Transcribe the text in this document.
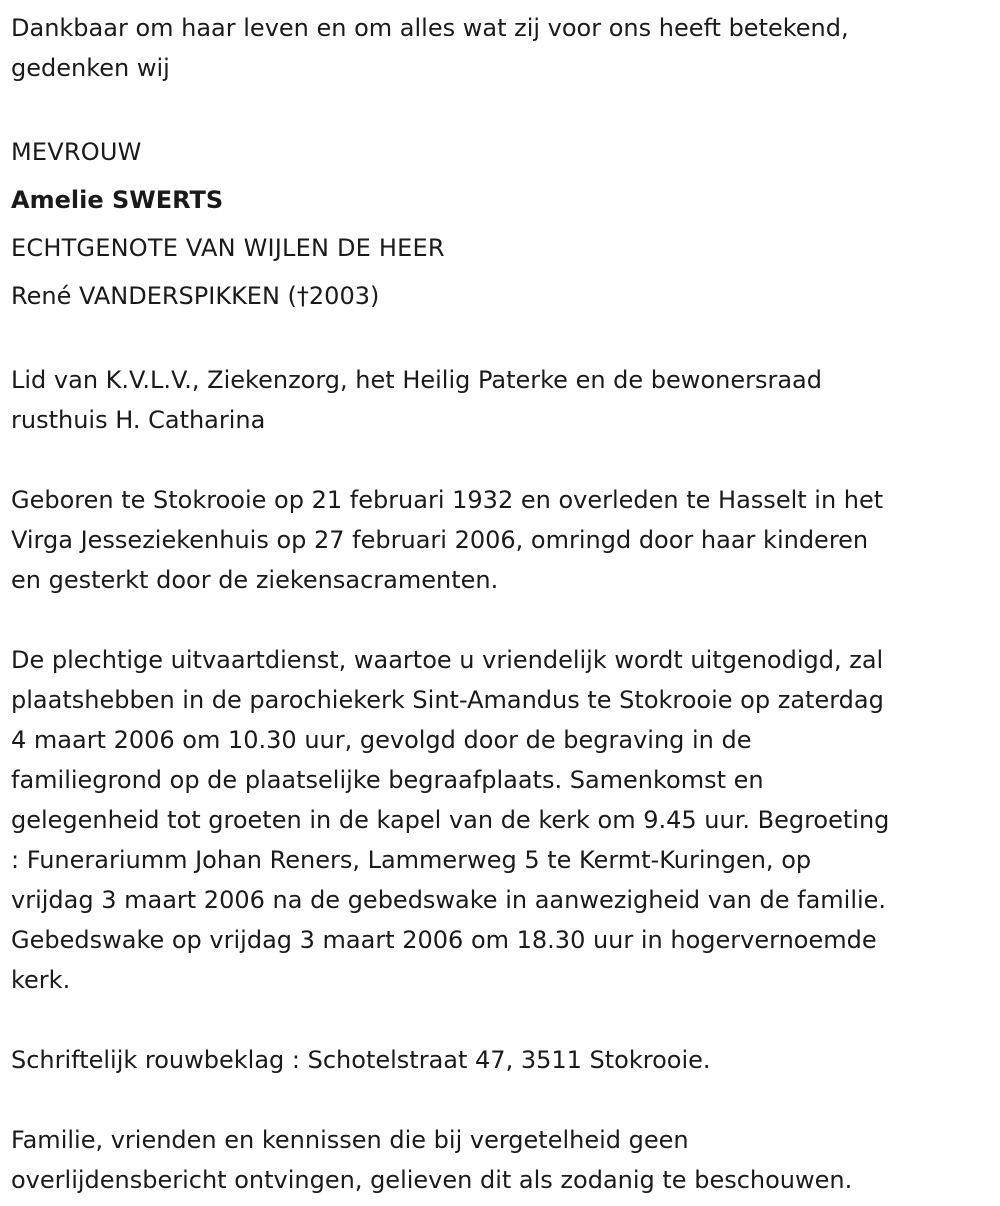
Dankbaar om haar leven en om alles wat zij voor ons heeft betekend,
gedenken wij
MEVROUW
Amelie SWERTS
ECHTGENOTE VAN WIJLEN DE HEER
René VANDERSPIKKEN (†2003)
Lid van K.V.L.V., Ziekenzorg, het Heilig Paterke en de bewonersraad
rusthuis H. Catharina
Geboren te Stokrooie op 21 februari 1932 en overleden te Hasselt in het
Virga Jesseziekenhuis op 27 februari 2006, omringd door haar kinderen
en gesterkt door de ziekensacramenten.
De plechtige uitvaartdienst, waartoe u vriendelijk wordt uitgenodigd, zal
plaatshebben in de parochiekerk Sint-Amandus te Stokrooie op zaterdag
4 maart 2006 om 10.30 uur, gevolgd door de begraving in de
familiegrond op de plaatselijke begraafplaats. Samenkomst en
gelegenheid tot groeten in de kapel van de kerk om 9.45 uur. Begroeting
: Funerariumm Johan Reners, Lammerweg 5 te Kermt-Kuringen, op
vrijdag 3 maart 2006 na de gebedswake in aanwezigheid van de familie.
Gebedswake op vrijdag 3 maart 2006 om 18.30 uur in hogervernoemde
kerk.
Schriftelijk rouwbeklag : Schotelstraat 47, 3511 Stokrooie.
Familie, vrienden en kennissen die bij vergetelheid geen
overlijdensbericht ontvingen, gelieven dit als zodanig te beschouwen.
